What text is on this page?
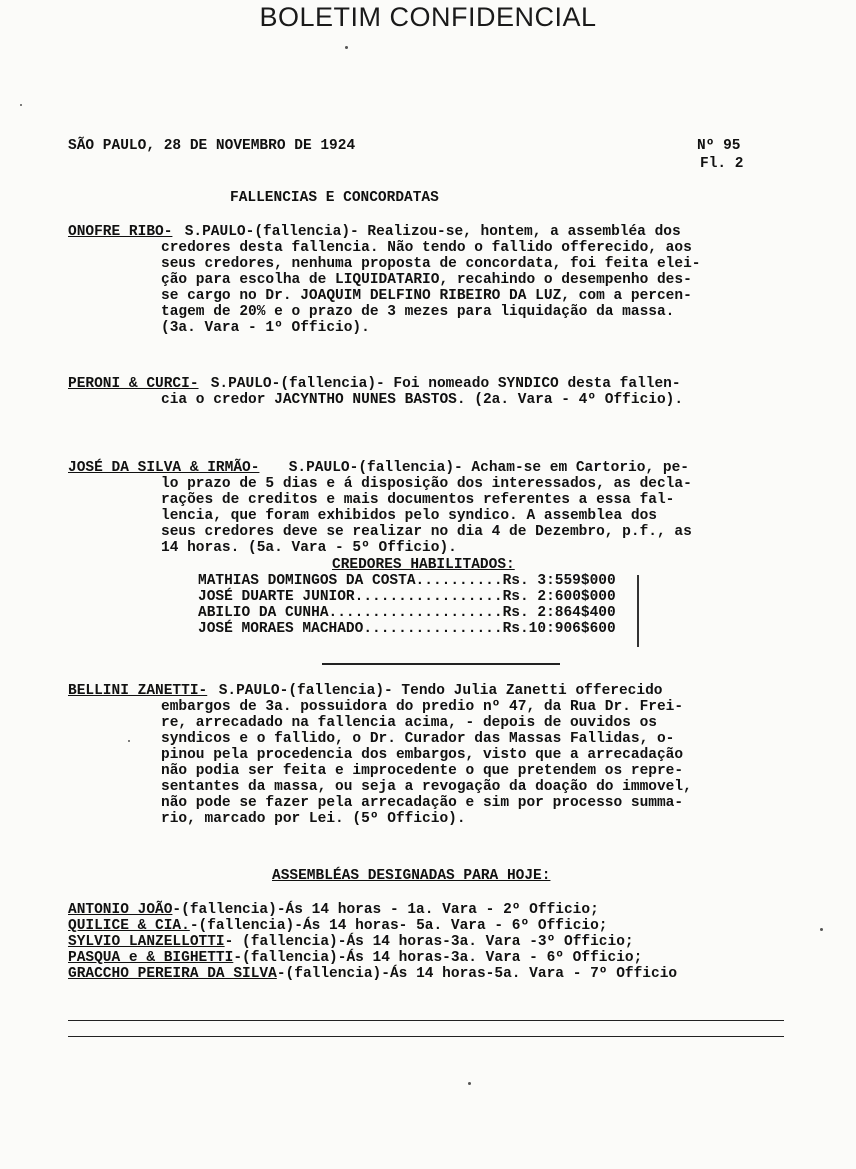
BOLETIM CONFIDENCIAL
SÃO PAULO, 28 DE NOVEMBRO DE 1924	Nº 95
Fl. 2
FALLENCIAS E CONCORDATAS
ONOFRE RIBO- S.PAULO-(fallencia)- Realizou-se, hontem, a assembléa dos
credores desta fallencia. Não tendo o fallido offerecido, aos
seus credores, nenhuma proposta de concordata, foi feita elei-
ção para escolha de LIQUIDATARIO, recahindo o desempenho des-
se cargo no Dr. JOAQUIM DELFINO RIBEIRO DA LUZ, com a percen-
tagem de 20% e o prazo de 3 mezes para liquidação da massa.
(3a. Vara - 1º Officio).
PERONI & CURCI- S.PAULO-(fallencia)- Foi nomeado SYNDICO desta fallen-
cia o credor JACYNTHO NUNES BASTOS. (2a. Vara - 4º Officio).
JOSÉ DA SILVA & IRMÃO- S.PAULO-(fallencia)- Acham-se em Cartorio, pe-
lo prazo de 5 dias e á disposição dos interessados, as decla-
rações de creditos e mais documentos referentes a essa fal-
lencia, que foram exhibidos pelo syndico. A assemblea dos
seus credores deve se realizar no dia 4 de Dezembro, p.f., as
14 horas. (5a. Vara - 5º Officio).
CREDORES HABILITADOS:
MATHIAS DOMINGOS DA COSTA..........Rs. 3:559$000
JOSÉ DUARTE JUNIOR.................Rs. 2:600$000
ABILIO DA CUNHA....................Rs. 2:864$400
JOSÉ MORAES MACHADO................Rs.10:906$600
BELLINI ZANETTI- S.PAULO-(fallencia)- Tendo Julia Zanetti offerecido
embargos de 3a. possuidora do predio nº 47, da Rua Dr. Frei-
re, arrecadado na fallencia acima, - depois de ouvidos os
syndicos e o fallido, o Dr. Curador das Massas Fallidas, o-
pinou pela procedencia dos embargos, visto que a arrecadação
não podia ser feita e improcedente o que pretendem os repre-
sentantes da massa, ou seja a revogação da doação do immovel,
não pode se fazer pela arrecadação e sim por processo summa-
rio, marcado por Lei. (5º Officio).
ASSEMBLÉAS DESIGNADAS PARA HOJE:
ANTONIO JOÃO-(fallencia)-Ás 14 horas - 1a. Vara - 2º Officio;
QUILICE & CIA.-(fallencia)-Ás 14 horas- 5a. Vara - 6º Officio;
SYLVIO LANZELLOTTI- (fallencia)-Ás 14 horas-3a. Vara -3º Officio;
PASQUA e & BIGHETTI-(fallencia)-Ás 14 horas-3a. Vara - 6º Officio;
GRACCHO PEREIRA DA SILVA-(fallencia)-Ás 14 horas-5a. Vara - 7º Officio
